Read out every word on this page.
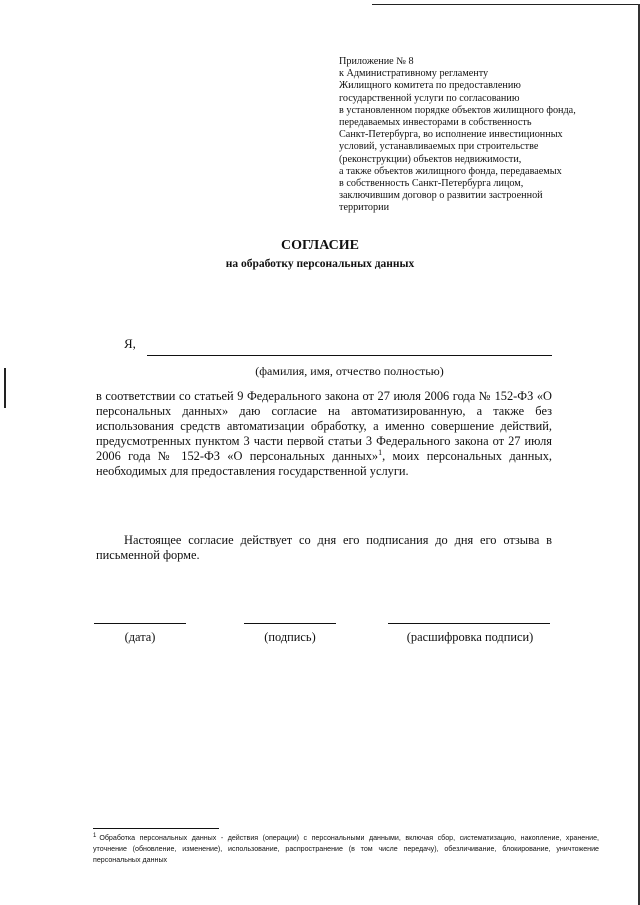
Приложение № 8
к Административному регламенту
Жилищного комитета по предоставлению
государственной услуги по согласованию
в установленном порядке объектов жилищного фонда,
передаваемых инвесторами в собственность
Санкт-Петербурга, во исполнение инвестиционных
условий, устанавливаемых при строительстве
(реконструкции) объектов недвижимости,
а также объектов жилищного фонда, передаваемых
в собственность Санкт-Петербурга лицом,
заключившим договор о развитии застроенной
территории
СОГЛАСИЕ
на обработку персональных данных
Я,
(фамилия, имя, отчество полностью)
в соответствии со статьей 9 Федерального закона от 27 июля 2006 года № 152-ФЗ «О персональных данных» даю согласие на автоматизированную, а также без использования средств автоматизации обработку, а именно совершение действий, предусмотренных пунктом 3 части первой статьи 3 Федерального закона от 27 июля 2006 года № 152-ФЗ «О персональных данных»$^1$, моих персональных данных, необходимых для предоставления государственной услуги.
Настоящее согласие действует со дня его подписания до дня его отзыва в письменной форме.
(дата)	(подпись)	(расшифровка подписи)
$^1$ Обработка персональных данных - действия (операции) с персональными данными, включая сбор, систематизацию, накопление, хранение, уточнение (обновление, изменение), использование, распространение (в том числе передачу), обезличивание, блокирование, уничтожение персональных данных
